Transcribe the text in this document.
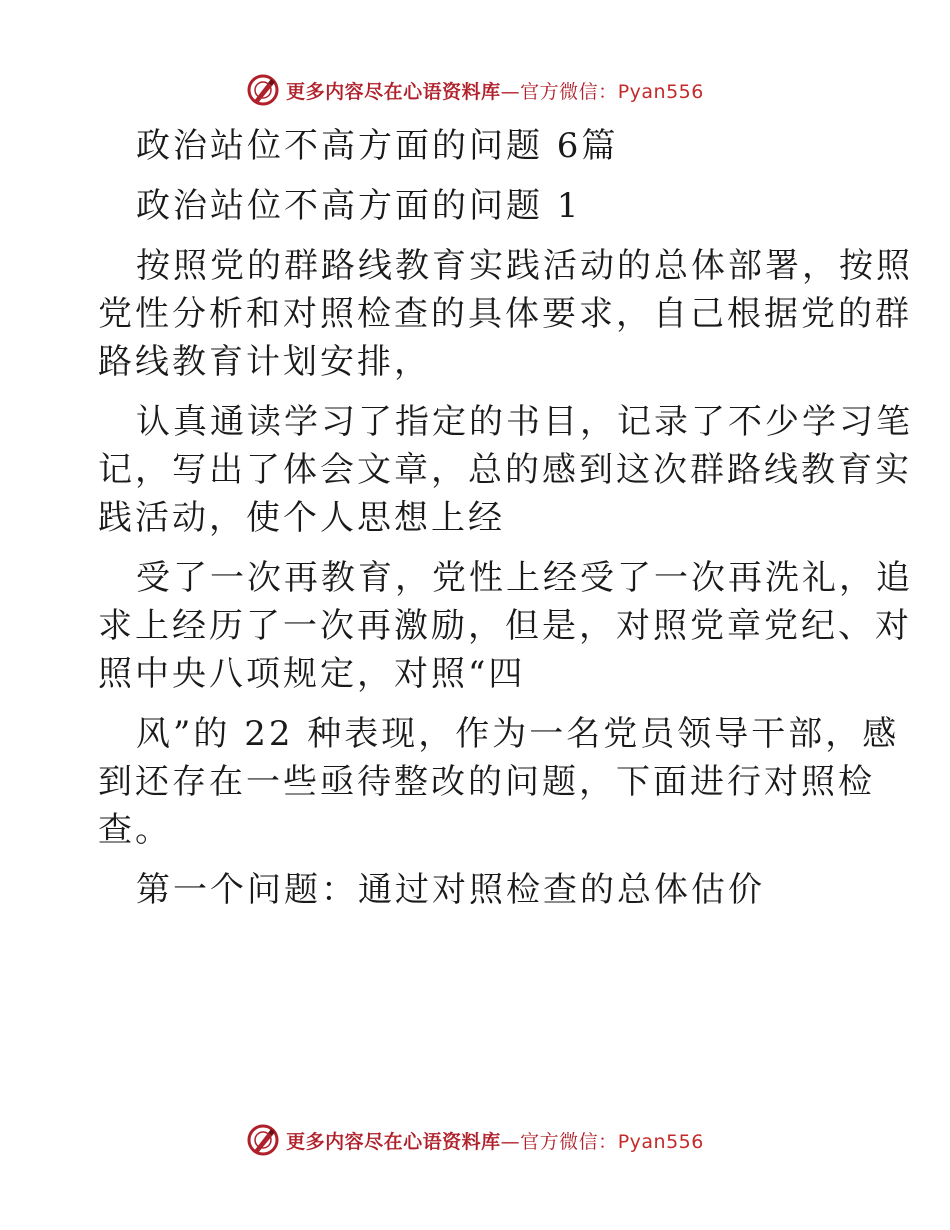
更多内容尽在心语资料库—官方微信：Pyan556

政治站位不高方面的问题 6篇

政治站位不高方面的问题 1

按照党的群路线教育实践活动的总体部署，按照

党性分析和对照检查的具体要求，自己根据党的群

路线教育计划安排，

认真通读学习了指定的书目，记录了不少学习笔

记，写出了体会文章，总的感到这次群路线教育实

践活动，使个人思想上经

受了一次再教育，党性上经受了一次再洗礼，追

求上经历了一次再激励，但是，对照党章党纪、对

照中央八项规定，对照“四

风”的 22 种表现，作为一名党员领导干部，感

到还存在一些亟待整改的问题，下面进行对照检

查。

第一个问题：通过对照检查的总体估价

更多内容尽在心语资料库—官方微信：Pyan556
